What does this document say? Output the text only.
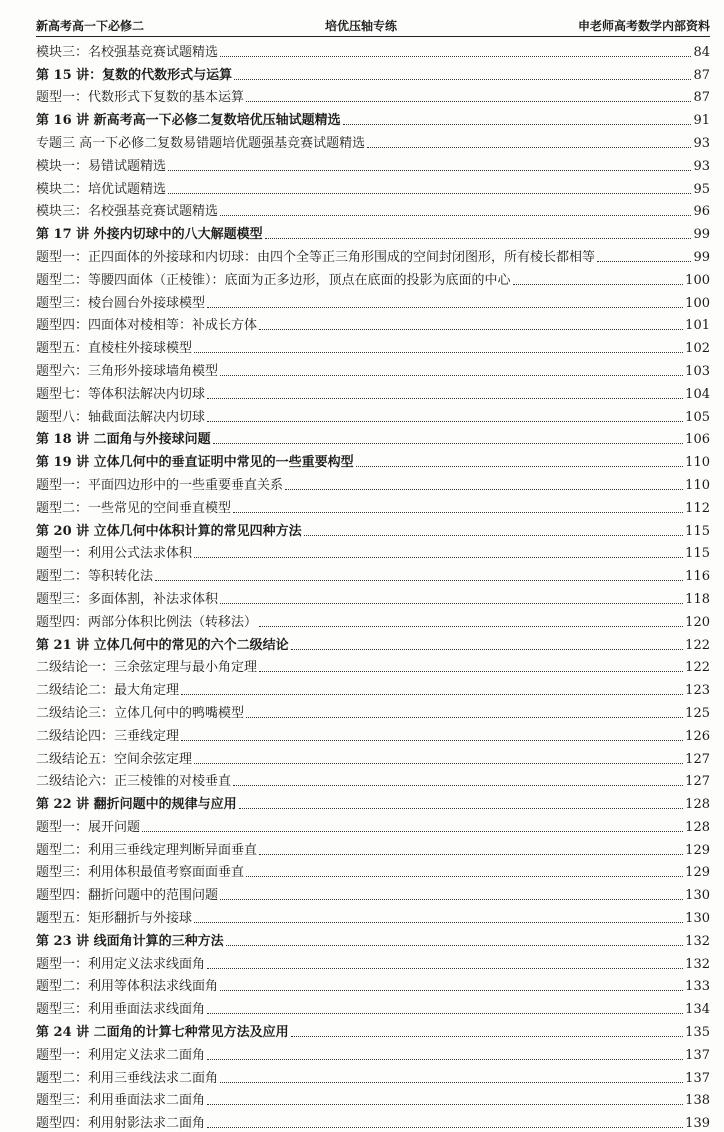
新高考高一下必修二	培优压轴专练	申老师高考数学内部资料
模块三：名校强基竞赛试题精选	84
第 15 讲：复数的代数形式与运算	87
题型一：代数形式下复数的基本运算	87
第 16 讲 新高考高一下必修二复数培优压轴试题精选	91
专题三 高一下必修二复数易错题培优题强基竞赛试题精选	93
模块一：易错试题精选	93
模块二：培优试题精选	95
模块三：名校强基竞赛试题精选	96
第 17 讲 外接内切球中的八大解题模型	99
题型一：正四面体的外接球和内切球：由四个全等正三角形围成的空间封闭图形，所有棱长都相等	99
题型二：等腰四面体（正棱锥）：底面为正多边形，顶点在底面的投影为底面的中心	100
题型三：棱台圆台外接球模型	100
题型四：四面体对棱相等：补成长方体	101
题型五：直棱柱外接球模型	102
题型六：三角形外接球墙角模型	103
题型七：等体积法解决内切球	104
题型八：轴截面法解决内切球	105
第 18 讲 二面角与外接球问题	106
第 19 讲 立体几何中的垂直证明中常见的一些重要构型	110
题型一：平面四边形中的一些重要垂直关系	110
题型二：一些常见的空间垂直模型	112
第 20 讲 立体几何中体积计算的常见四种方法	115
题型一：利用公式法求体积	115
题型二：等积转化法	116
题型三：多面体割，补法求体积	118
题型四：两部分体积比例法（转移法）	120
第 21 讲 立体几何中的常见的六个二级结论	122
二级结论一：三余弦定理与最小角定理	122
二级结论二：最大角定理	123
二级结论三：立体几何中的鸭嘴模型	125
二级结论四：三垂线定理	126
二级结论五：空间余弦定理	127
二级结论六：正三棱锥的对棱垂直	127
第 22 讲 翻折问题中的规律与应用	128
题型一：展开问题	128
题型二：利用三垂线定理判断异面垂直	129
题型三：利用体积最值考察面面垂直	129
题型四：翻折问题中的范围问题	130
题型五：矩形翻折与外接球	130
第 23 讲 线面角计算的三种方法	132
题型一：利用定义法求线面角	132
题型二：利用等体积法求线面角	133
题型三：利用垂面法求线面角	134
第 24 讲 二面角的计算七种常见方法及应用	135
题型一：利用定义法求二面角	137
题型二：利用三垂线法求二面角	137
题型三：利用垂面法求二面角	138
题型四：利用射影法求二面角	139
